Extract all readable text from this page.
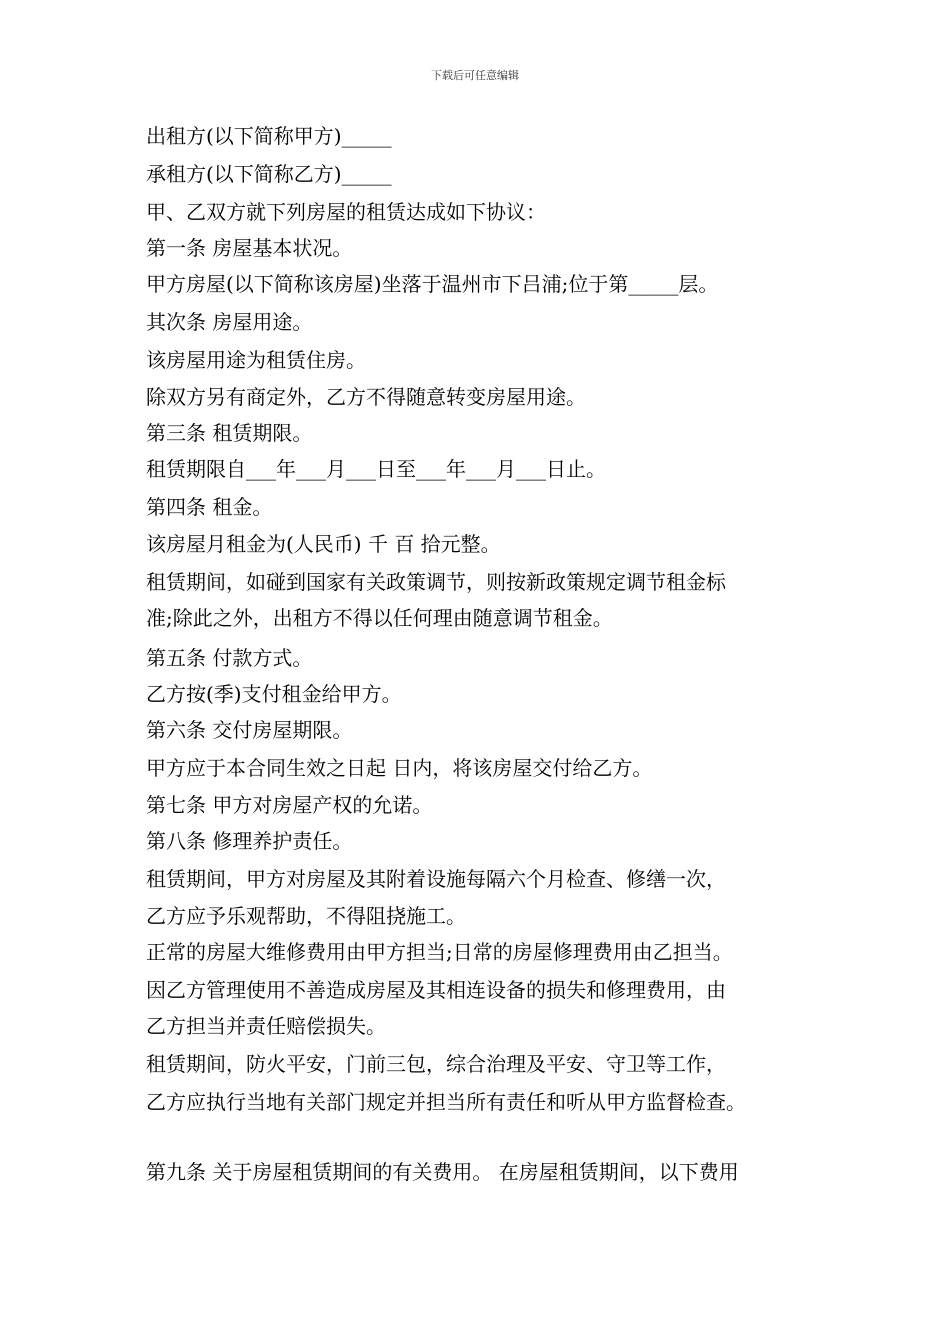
下载后可任意编辑
出租方(以下简称甲方)_____
承租方(以下简称乙方)_____
甲、乙双方就下列房屋的租赁达成如下协议：
第一条 房屋基本状况。
甲方房屋(以下简称该房屋)坐落于温州市下吕浦;位于第_____层。
其次条 房屋用途。
该房屋用途为租赁住房。
除双方另有商定外，乙方不得随意转变房屋用途。
第三条 租赁期限。
租赁期限自___年___月___日至___年___月___日止。
第四条 租金。
该房屋月租金为(人民币) 千 百 拾元整。
租赁期间，如碰到国家有关政策调节，则按新政策规定调节租金标
准;除此之外，出租方不得以任何理由随意调节租金。
第五条 付款方式。
乙方按(季)支付租金给甲方。
第六条 交付房屋期限。
甲方应于本合同生效之日起 日内，将该房屋交付给乙方。
第七条 甲方对房屋产权的允诺。
第八条 修理养护责任。
租赁期间，甲方对房屋及其附着设施每隔六个月检查、修缮一次，
乙方应予乐观帮助，不得阻挠施工。
正常的房屋大维修费用由甲方担当;日常的房屋修理费用由乙担当。
因乙方管理使用不善造成房屋及其相连设备的损失和修理费用，由
乙方担当并责任赔偿损失。
租赁期间，防火平安，门前三包，综合治理及平安、守卫等工作，
乙方应执行当地有关部门规定并担当所有责任和听从甲方监督检查。
第九条 关于房屋租赁期间的有关费用。 在房屋租赁期间，以下费用
